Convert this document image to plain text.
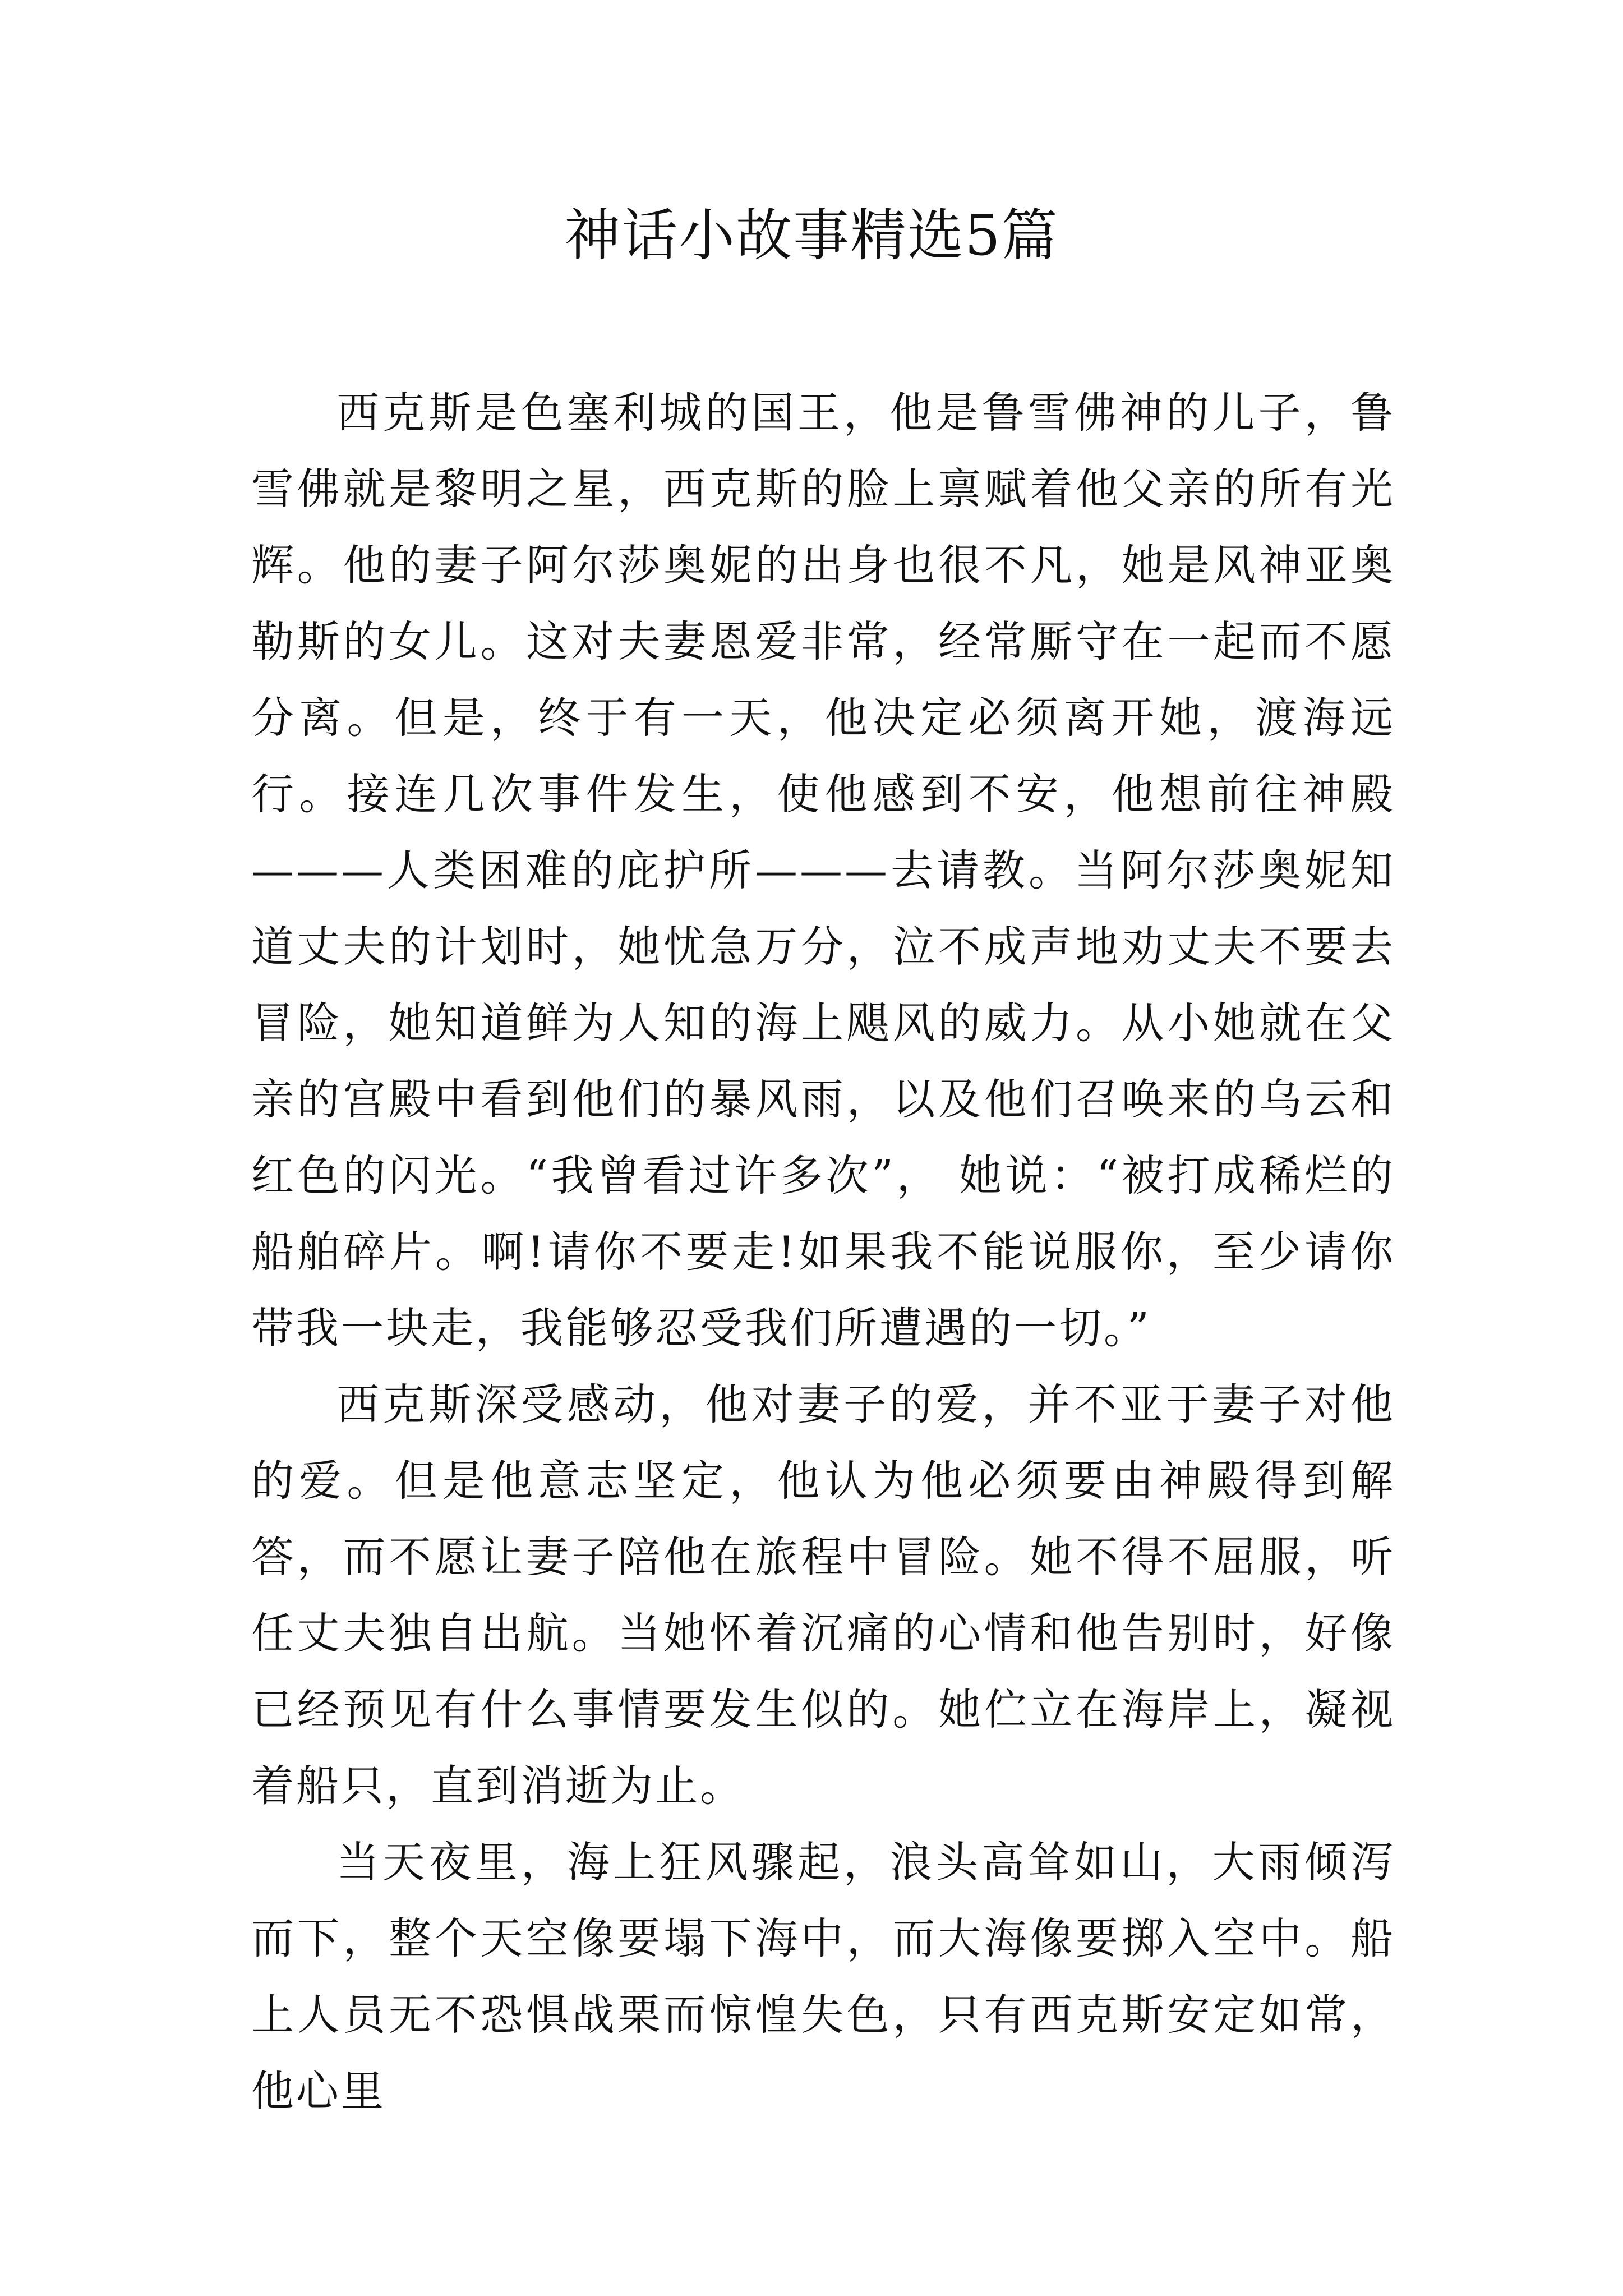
神话小故事精选5篇

西克斯是色塞利城的国王，他是鲁雪佛神的儿子，鲁雪佛就是黎明之星，西克斯的脸上禀赋着他父亲的所有光辉。他的妻子阿尔莎奥妮的出身也很不凡，她是风神亚奥勒斯的女儿。这对夫妻恩爱非常，经常厮守在一起而不愿分离。但是，终于有一天，他决定必须离开她，渡海远行。接连几次事件发生，使他感到不安，他想前往神殿———人类困难的庇护所———去请教。当阿尔莎奥妮知道丈夫的计划时，她忧急万分，泣不成声地劝丈夫不要去冒险，她知道鲜为人知的海上飓风的威力。从小她就在父亲的宫殿中看到他们的暴风雨，以及他们召唤来的乌云和红色的闪光。“我曾看过许多次”， 她说：“被打成稀烂的船舶碎片。啊!请你不要走!如果我不能说服你，至少请你带我一块走，我能够忍受我们所遭遇的一切。”

西克斯深受感动，他对妻子的爱，并不亚于妻子对他的爱。但是他意志坚定，他认为他必须要由神殿得到解答，而不愿让妻子陪他在旅程中冒险。她不得不屈服，听任丈夫独自出航。当她怀着沉痛的心情和他告别时，好像已经预见有什么事情要发生似的。她伫立在海岸上，凝视着船只，直到消逝为止。

当天夜里，海上狂风骤起，浪头高耸如山，大雨倾泻而下，整个天空像要塌下海中，而大海像要掷入空中。船上人员无不恐惧战栗而惊惶失色，只有西克斯安定如常，他心里
